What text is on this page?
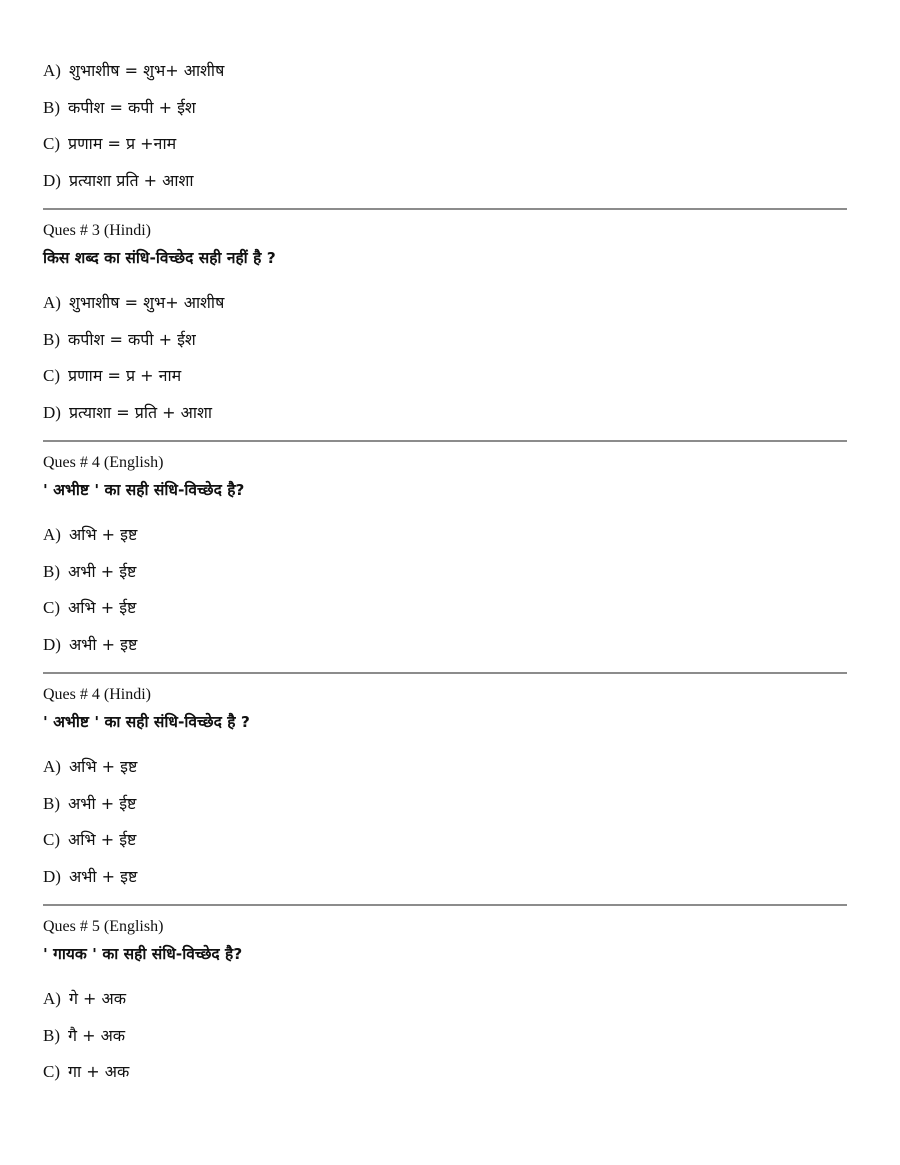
A) शुभाशीष = शुभ+ आशीष
B) कपीश = कपी + ईश
C) प्रणाम = प्र +नाम
D) प्रत्याशा प्रति + आशा
Ques # 3 (Hindi)
किस शब्द का संधि-विच्छेद सही नहीं है ?
A) शुभाशीष = शुभ+ आशीष
B) कपीश = कपी + ईश
C) प्रणाम = प्र + नाम
D) प्रत्याशा = प्रति + आशा
Ques # 4 (English)
' अभीष्ट ' का सही संधि-विच्छेद है?
A) अभि + इष्ट
B) अभी + ईष्ट
C) अभि + ईष्ट
D) अभी + इष्ट
Ques # 4 (Hindi)
' अभीष्ट ' का सही संधि-विच्छेद है ?
A) अभि + इष्ट
B) अभी + ईष्ट
C) अभि + ईष्ट
D) अभी + इष्ट
Ques # 5 (English)
' गायक ' का सही संधि-विच्छेद है?
A) गे + अक
B) गै + अक
C) गा + अक
